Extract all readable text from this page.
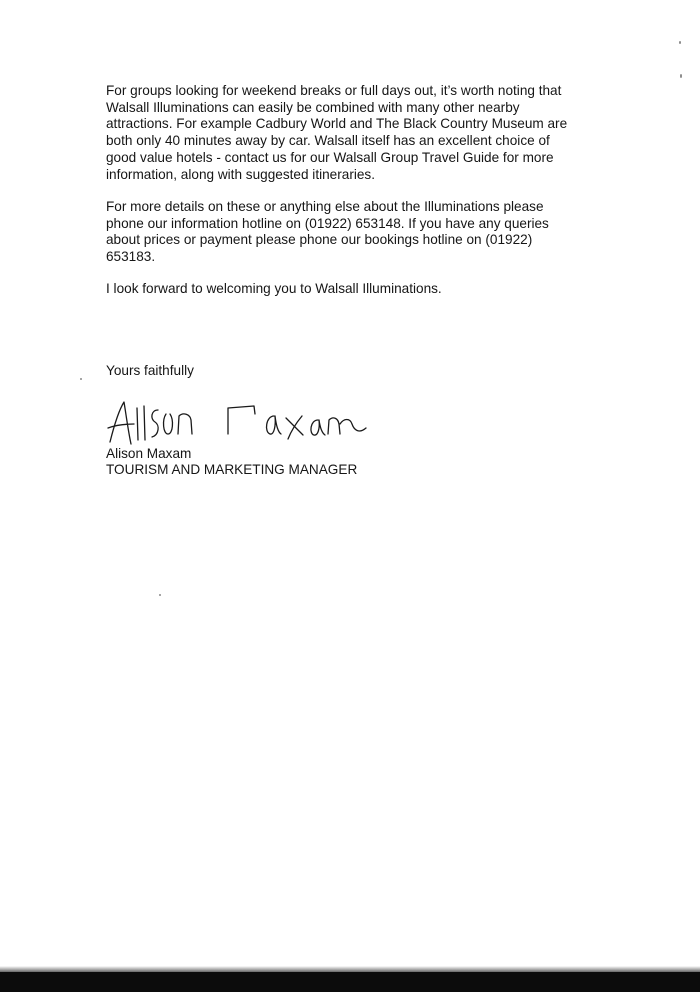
For groups looking for weekend breaks or full days out, it’s worth noting that
Walsall Illuminations can easily be combined with many other nearby
attractions. For example Cadbury World and The Black Country Museum are
both only 40 minutes away by car. Walsall itself has an excellent choice of
good value hotels - contact us for our Walsall Group Travel Guide for more
information, along with suggested itineraries.

For more details on these or anything else about the Illuminations please
phone our information hotline on (01922) 653148. If you have any queries
about prices or payment please phone our bookings hotline on (01922)
653183.

I look forward to welcoming you to Walsall Illuminations.

Yours faithfully

Alison Maxam

TOURISM AND MARKETING MANAGER
